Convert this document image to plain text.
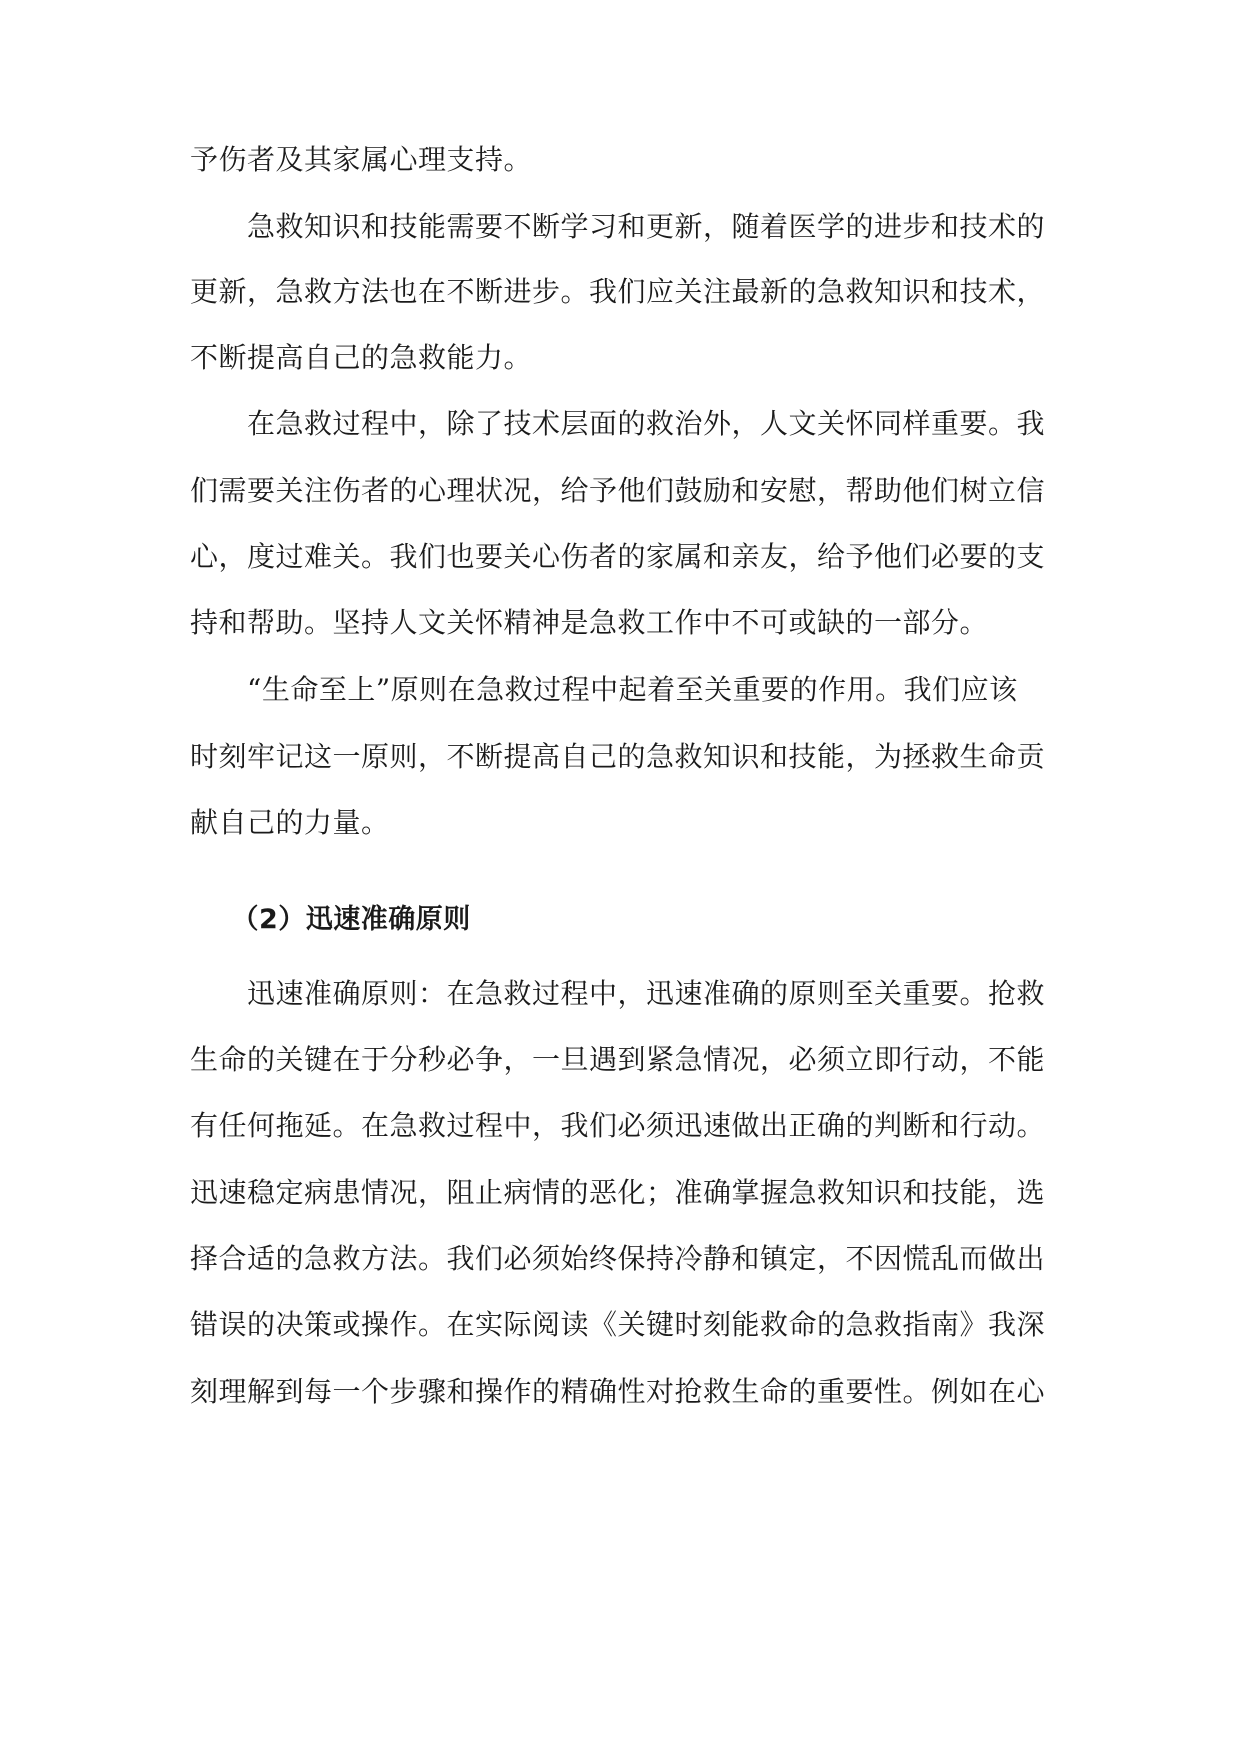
予伤者及其家属心理支持。
　　急救知识和技能需要不断学习和更新，随着医学的进步和技术的
更新，急救方法也在不断进步。我们应关注最新的急救知识和技术，
不断提高自己的急救能力。
　　在急救过程中，除了技术层面的救治外，人文关怀同样重要。我
们需要关注伤者的心理状况，给予他们鼓励和安慰，帮助他们树立信
心，度过难关。我们也要关心伤者的家属和亲友，给予他们必要的支
持和帮助。坚持人文关怀精神是急救工作中不可或缺的一部分。
　　“生命至上”原则在急救过程中起着至关重要的作用。我们应该
时刻牢记这一原则，不断提高自己的急救知识和技能，为拯救生命贡
献自己的力量。
　　（2）迅速准确原则
　　迅速准确原则：在急救过程中，迅速准确的原则至关重要。抢救
生命的关键在于分秒必争，一旦遇到紧急情况，必须立即行动，不能
有任何拖延。在急救过程中，我们必须迅速做出正确的判断和行动。
迅速稳定病患情况，阻止病情的恶化；准确掌握急救知识和技能，选
择合适的急救方法。我们必须始终保持冷静和镇定，不因慌乱而做出
错误的决策或操作。在实际阅读《关键时刻能救命的急救指南》我深
刻理解到每一个步骤和操作的精确性对抢救生命的重要性。例如在心
